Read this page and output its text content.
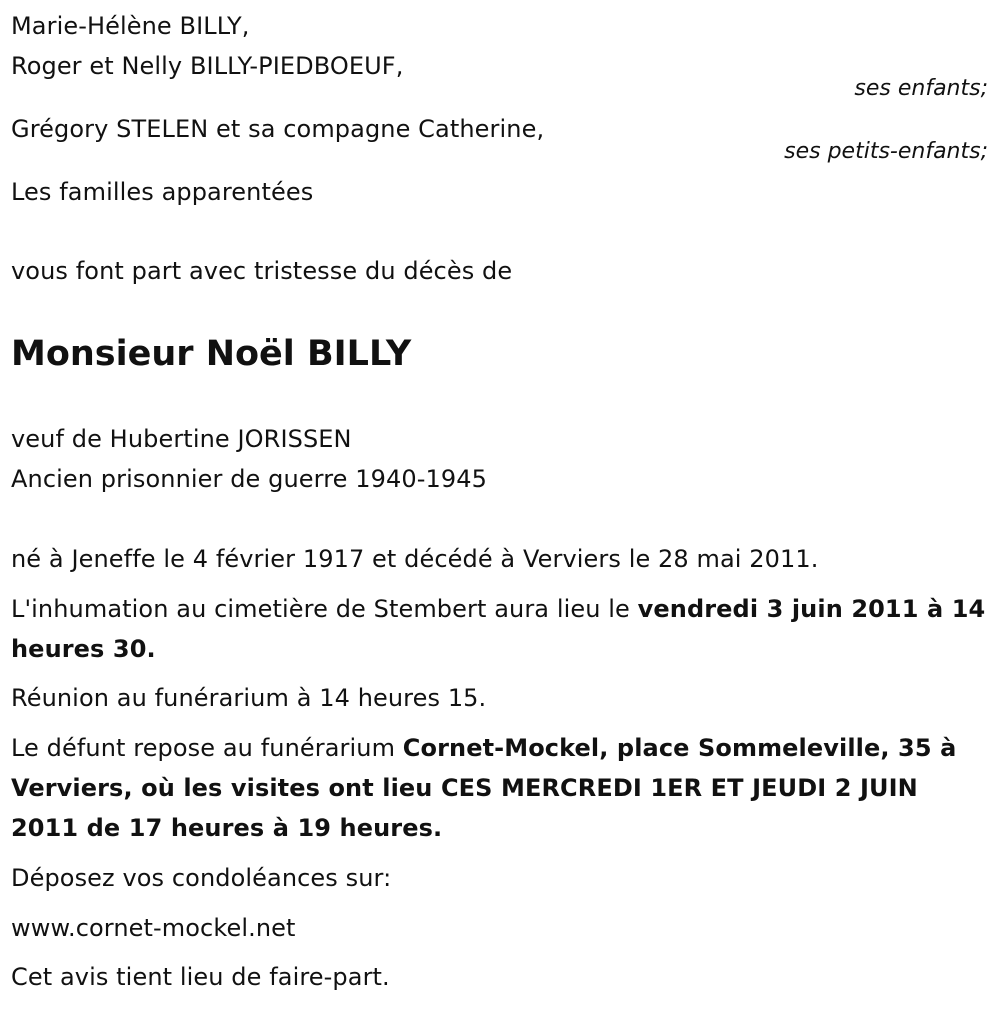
Marie-Hélène BILLY,
Roger et Nelly BILLY-PIEDBOEUF,
ses enfants;
Grégory STELEN et sa compagne Catherine,
ses petits-enfants;
Les familles apparentées
vous font part avec tristesse du décès de
Monsieur Noël BILLY
veuf de Hubertine JORISSEN
Ancien prisonnier de guerre 1940-1945
né à Jeneffe le 4 février 1917 et décédé à Verviers le 28 mai 2011.
L'inhumation au cimetière de Stembert aura lieu le vendredi 3 juin 2011 à 14 heures 30.
Réunion au funérarium à 14 heures 15.
Le défunt repose au funérarium Cornet-Mockel, place Sommeleville, 35 à Verviers, où les visites ont lieu CES MERCREDI 1ER ET JEUDI 2 JUIN 2011 de 17 heures à 19 heures.
Déposez vos condoléances sur:
www.cornet-mockel.net
Cet avis tient lieu de faire-part.
